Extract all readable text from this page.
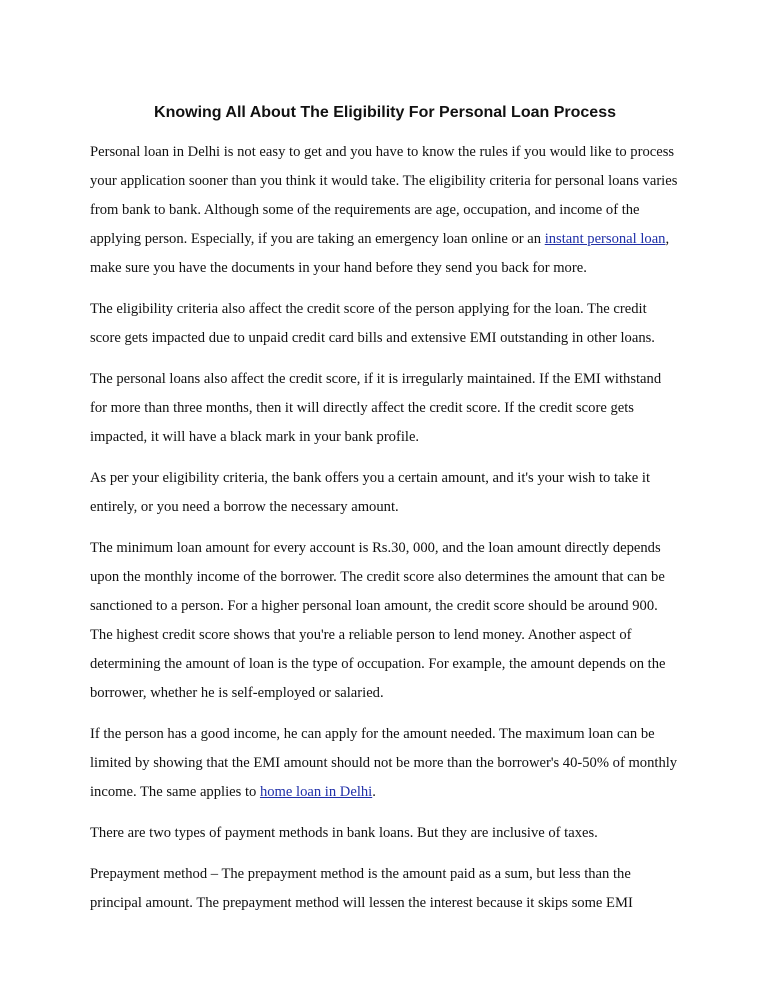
Knowing All About The Eligibility For Personal Loan Process

Personal loan in Delhi is not easy to get and you have to know the rules if you would like to process your application sooner than you think it would take. The eligibility criteria for personal loans varies from bank to bank. Although some of the requirements are age, occupation, and income of the applying person. Especially, if you are taking an emergency loan online or an instant personal loan, make sure you have the documents in your hand before they send you back for more.

The eligibility criteria also affect the credit score of the person applying for the loan. The credit score gets impacted due to unpaid credit card bills and extensive EMI outstanding in other loans.

The personal loans also affect the credit score, if it is irregularly maintained. If the EMI withstand for more than three months, then it will directly affect the credit score. If the credit score gets impacted, it will have a black mark in your bank profile.

As per your eligibility criteria, the bank offers you a certain amount, and it's your wish to take it entirely, or you need a borrow the necessary amount.

The minimum loan amount for every account is Rs.30, 000, and the loan amount directly depends upon the monthly income of the borrower. The credit score also determines the amount that can be sanctioned to a person. For a higher personal loan amount, the credit score should be around 900. The highest credit score shows that you're a reliable person to lend money. Another aspect of determining the amount of loan is the type of occupation. For example, the amount depends on the borrower, whether he is self-employed or salaried.

If the person has a good income, he can apply for the amount needed. The maximum loan can be limited by showing that the EMI amount should not be more than the borrower's 40-50% of monthly income. The same applies to home loan in Delhi.

There are two types of payment methods in bank loans. But they are inclusive of taxes.

Prepayment method – The prepayment method is the amount paid as a sum, but less than the principal amount. The prepayment method will lessen the interest because it skips some EMI
